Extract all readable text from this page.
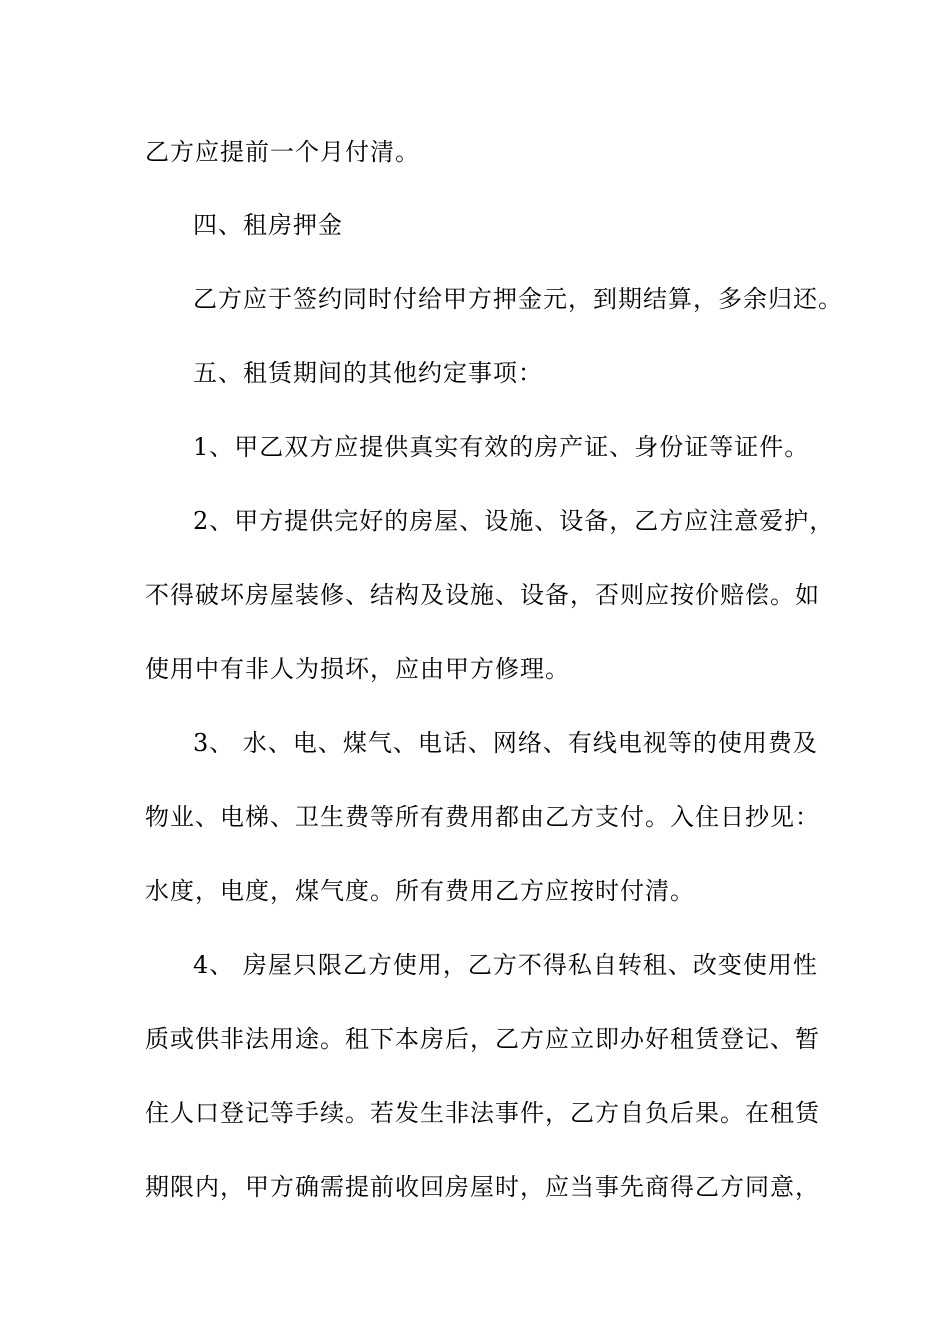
乙方应提前一个月付清。
四、租房押金
乙方应于签约同时付给甲方押金元，到期结算，多余归还。
五、租赁期间的其他约定事项：
1、甲乙双方应提供真实有效的房产证、身份证等证件。
2、甲方提供完好的房屋、设施、设备，乙方应注意爱护，
不得破坏房屋装修、结构及设施、设备，否则应按价赔偿。如
使用中有非人为损坏，应由甲方修理。
3、 水、电、煤气、电话、网络、有线电视等的使用费及
物业、电梯、卫生费等所有费用都由乙方支付。入住日抄见：
水度，电度，煤气度。所有费用乙方应按时付清。
4、 房屋只限乙方使用，乙方不得私自转租、改变使用性
质或供非法用途。租下本房后，乙方应立即办好租赁登记、暂
住人口登记等手续。若发生非法事件，乙方自负后果。在租赁
期限内，甲方确需提前收回房屋时，应当事先商得乙方同意，
